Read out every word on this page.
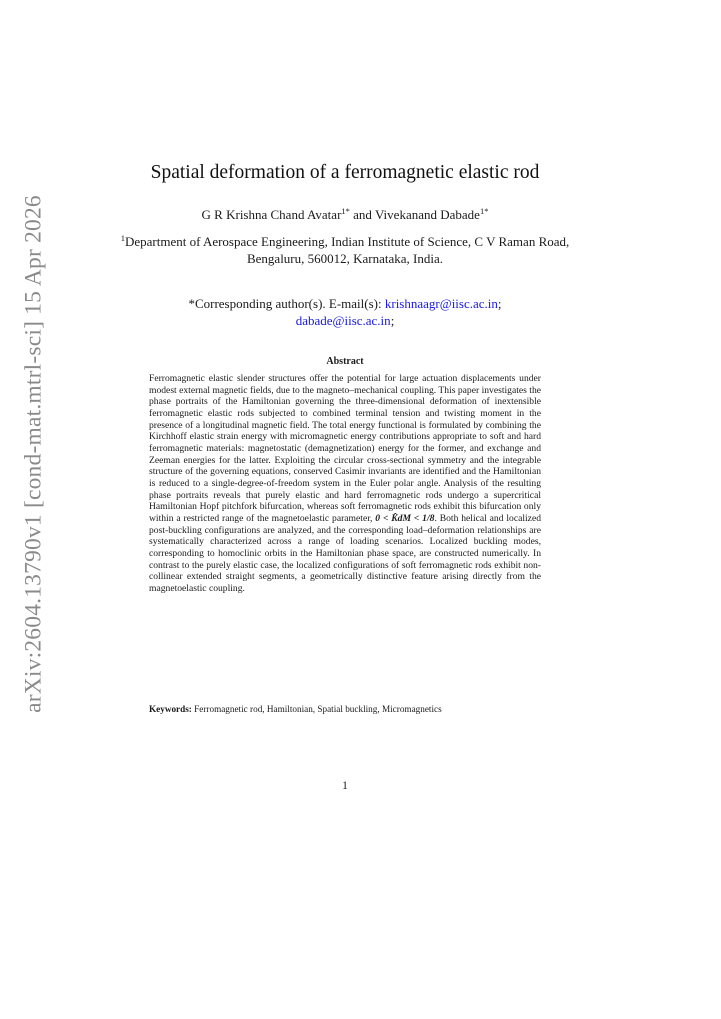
arXiv:2604.13790v1 [cond-mat.mtrl-sci] 15 Apr 2026
Spatial deformation of a ferromagnetic elastic rod
G R Krishna Chand Avatar$^{1*}$ and Vivekanand Dabade$^{1*}$
$^1$Department of Aerospace Engineering, Indian Institute of Science, C V Raman Road, Bengaluru, 560012, Karnataka, India.
*Corresponding author(s). E-mail(s): krishnaagr@iisc.ac.in;
dabade@iisc.ac.in;
Abstract
Ferromagnetic elastic slender structures offer the potential for large actuation displacements under modest external magnetic fields, due to the magneto–mechanical coupling. This paper investigates the phase portraits of the Hamiltonian governing the three-dimensional deformation of inextensible ferromagnetic elastic rods subjected to combined terminal tension and twisting moment in the presence of a longitudinal magnetic field. The total energy functional is formulated by combining the Kirchhoff elastic strain energy with micromagnetic energy contributions appropriate to soft and hard ferromagnetic materials: magnetostatic (demagnetization) energy for the former, and exchange and Zeeman energies for the latter. Exploiting the circular cross-sectional symmetry and the integrable structure of the governing equations, conserved Casimir invariants are identified and the Hamiltonian is reduced to a single-degree-of-freedom system in the Euler polar angle. Analysis of the resulting phase portraits reveals that purely elastic and hard ferromagnetic rods undergo a supercritical Hamiltonian Hopf pitchfork bifurcation, whereas soft ferromagnetic rods exhibit this bifurcation only within a restricted range of the magnetoelastic parameter, 0 < K̂dM < 1/8. Both helical and localized post-buckling configurations are analyzed, and the corresponding load–deformation relationships are systematically characterized across a range of loading scenarios. Localized buckling modes, corresponding to homoclinic orbits in the Hamiltonian phase space, are constructed numerically. In contrast to the purely elastic case, the localized configurations of soft ferromagnetic rods exhibit non-collinear extended straight segments, a geometrically distinctive feature arising directly from the magnetoelastic coupling.
Keywords: Ferromagnetic rod, Hamiltonian, Spatial buckling, Micromagnetics
1
